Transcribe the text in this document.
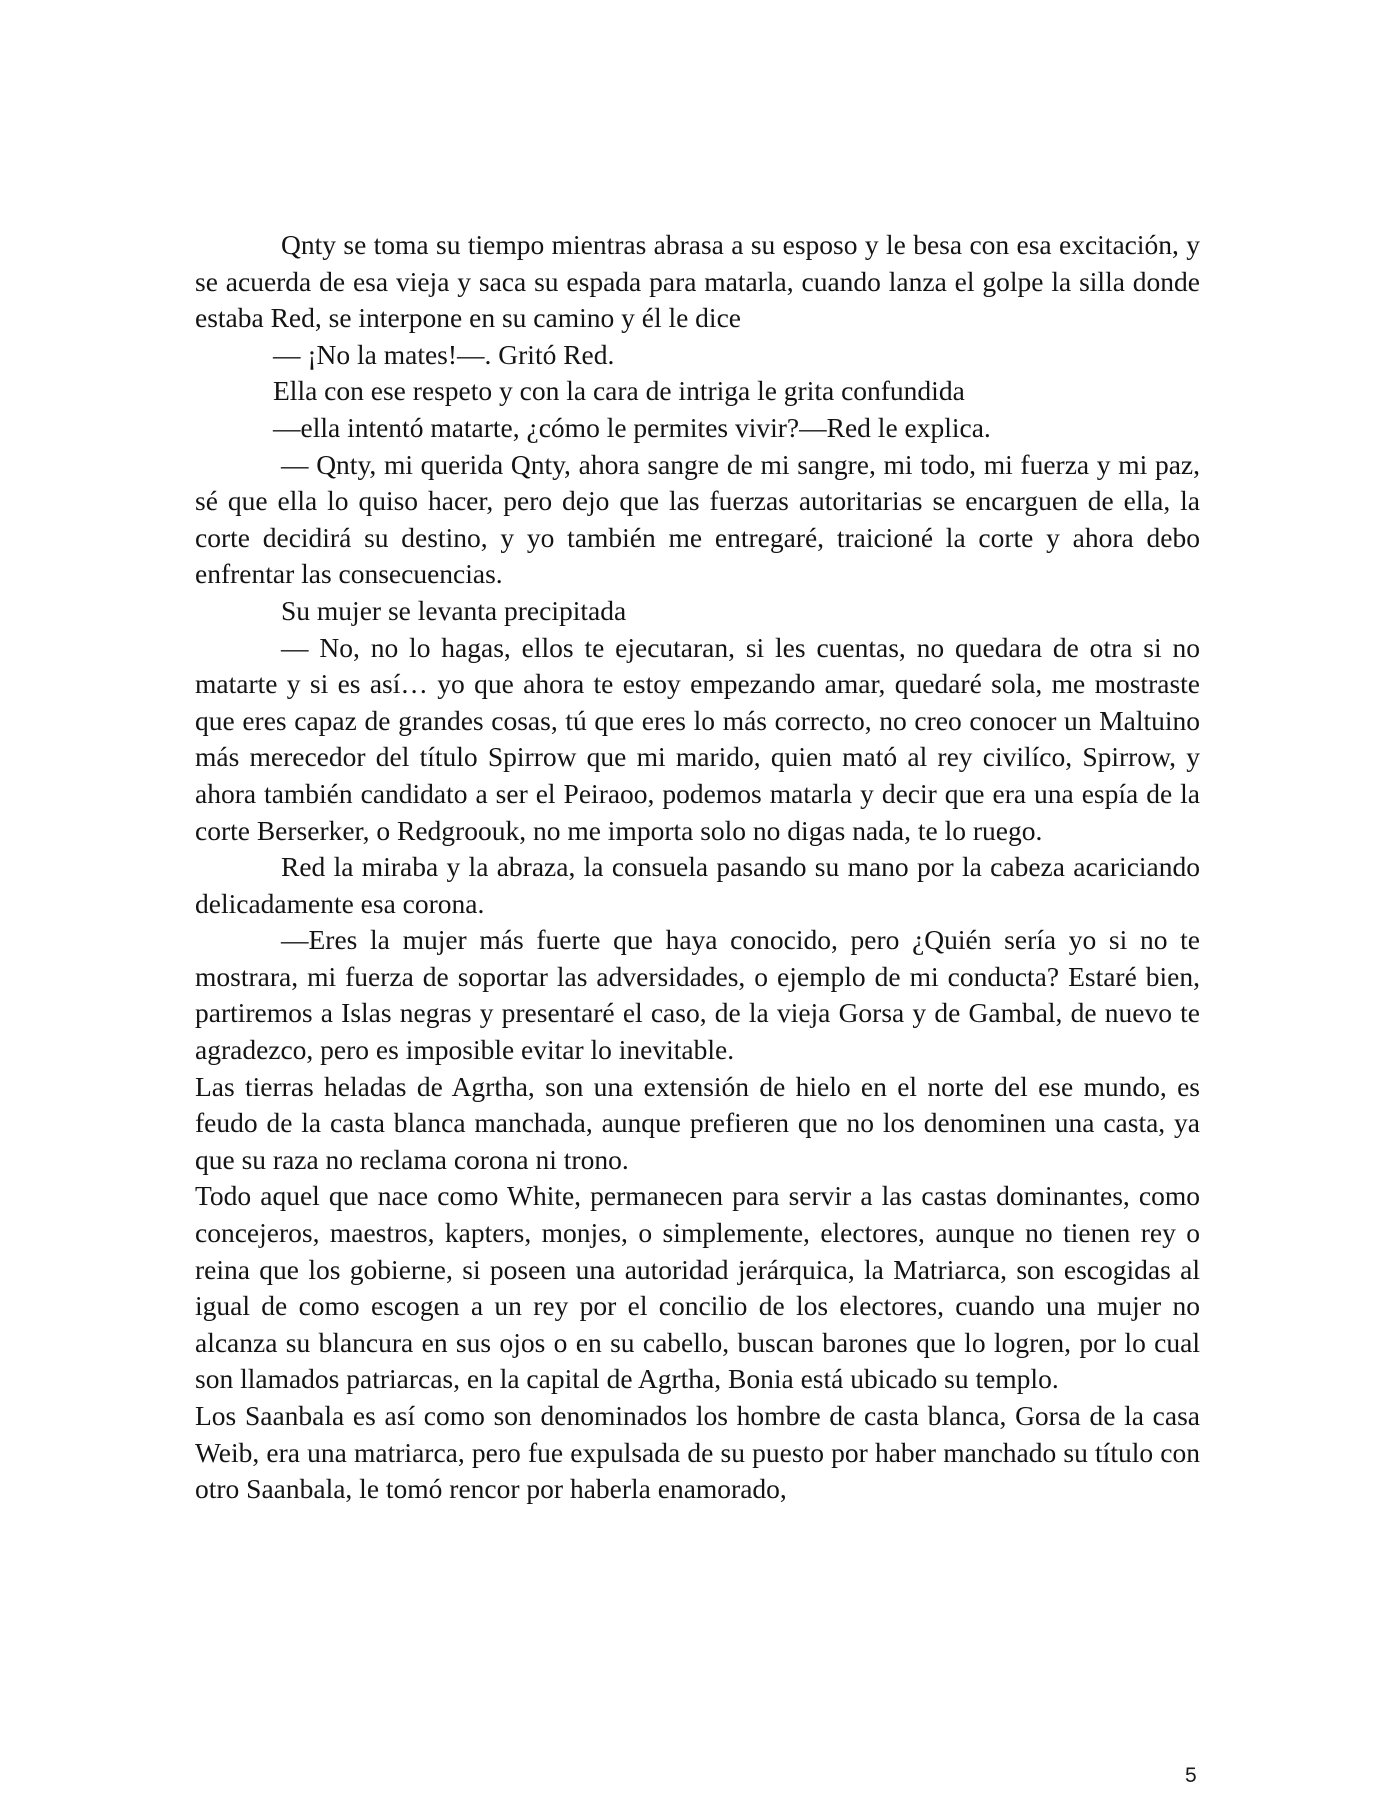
Qnty se toma su tiempo mientras abrasa a su esposo y le besa con esa excitación, y se acuerda de esa vieja y saca su espada para matarla, cuando lanza el golpe la silla donde estaba Red, se interpone en su camino y él le dice

— ¡No la mates!—. Gritó Red.

Ella con ese respeto y con la cara de intriga le grita confundida

—ella intentó matarte, ¿cómo le permites vivir?—Red le explica.

— Qnty, mi querida Qnty, ahora sangre de mi sangre, mi todo, mi fuerza y mi paz, sé que ella lo quiso hacer, pero dejo que las fuerzas autoritarias se encarguen de ella, la corte decidirá su destino, y yo también me entregaré, traicioné la corte y ahora debo enfrentar las consecuencias.

Su mujer se levanta precipitada

— No, no lo hagas, ellos te ejecutaran, si les cuentas, no quedara de otra si no matarte y si es así… yo que ahora te estoy empezando amar, quedaré sola, me mostraste que eres capaz de grandes cosas, tú que eres lo más correcto, no creo conocer un Maltuino más merecedor del título Spirrow que mi marido, quien mató al rey civilíco, Spirrow, y ahora también candidato a ser el Peiraoo, podemos matarla y decir que era una espía de la corte Berserker, o Redgroouk, no me importa solo no digas nada, te lo ruego.

Red la miraba y la abraza, la consuela pasando su mano por la cabeza acariciando delicadamente esa corona.

—Eres la mujer más fuerte que haya conocido, pero ¿Quién sería yo si no te mostrara, mi fuerza de soportar las adversidades, o ejemplo de mi conducta? Estaré bien, partiremos a Islas negras y presentaré el caso, de la vieja Gorsa y de Gambal, de nuevo te agradezco, pero es imposible evitar lo inevitable.

Las tierras heladas de Agrtha, son una extensión de hielo en el norte del ese mundo, es feudo de la casta blanca manchada, aunque prefieren que no los denominen una casta, ya que su raza no reclama corona ni trono.

Todo aquel que nace como White, permanecen para servir a las castas dominantes, como concejeros, maestros, kapters, monjes, o simplemente, electores, aunque no tienen rey o reina que los gobierne, si poseen una autoridad jerárquica, la Matriarca, son escogidas al igual de como escogen a un rey por el concilio de los electores, cuando una mujer no alcanza su blancura en sus ojos o en su cabello, buscan barones que lo logren, por lo cual son llamados patriarcas, en la capital de Agrtha, Bonia está ubicado su templo.

Los Saanbala es así como son denominados los hombre de casta blanca, Gorsa de la casa Weib, era una matriarca, pero fue expulsada de su puesto por haber manchado su título con otro Saanbala, le tomó rencor por haberla enamorado,

5
